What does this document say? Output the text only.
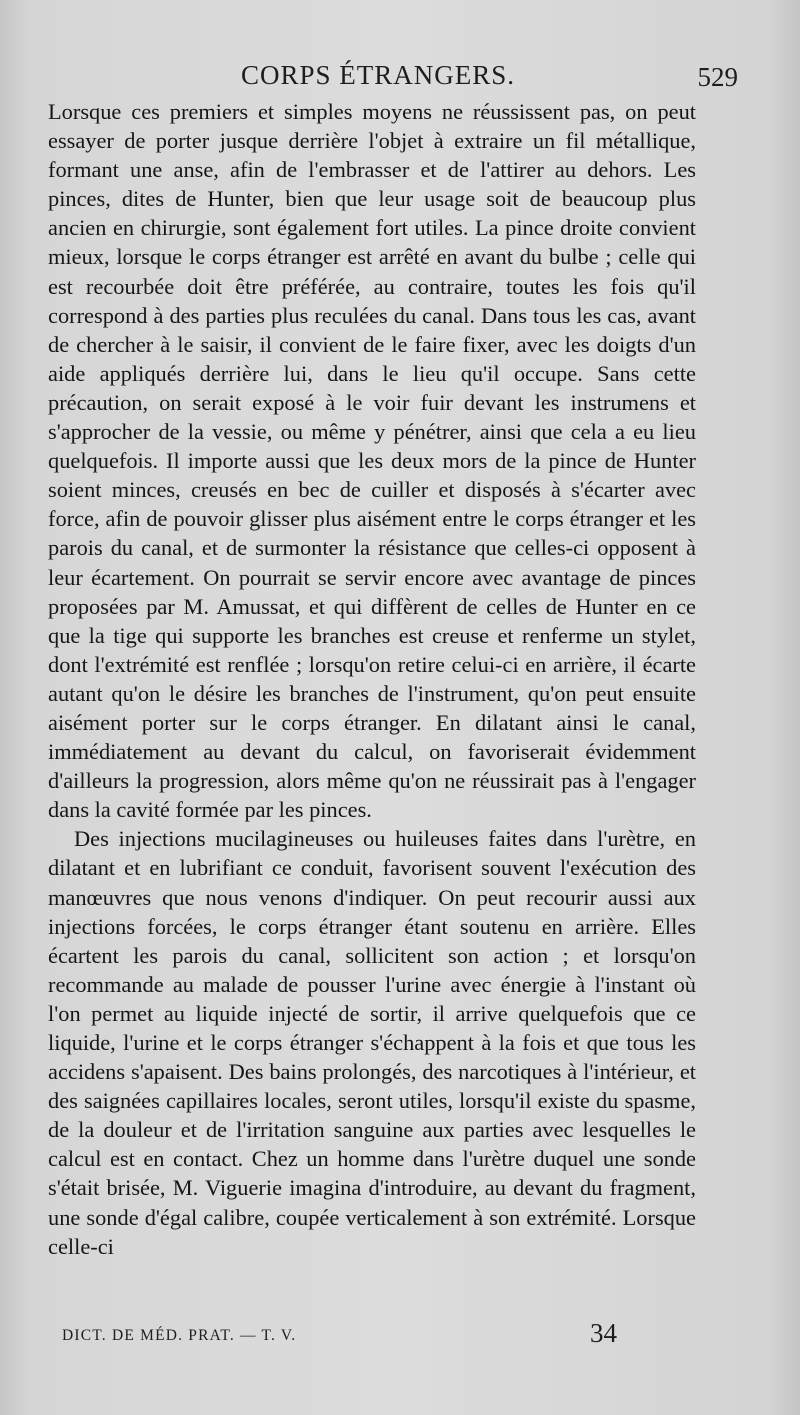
CORPS ÉTRANGERS.	529

Lorsque ces premiers et simples moyens ne réussissent pas, on peut essayer de porter jusque derrière l'objet à extraire un fil métallique, formant une anse, afin de l'embrasser et de l'attirer au dehors. Les pinces, dites de Hunter, bien que leur usage soit de beaucoup plus ancien en chirurgie, sont également fort utiles. La pince droite convient mieux, lorsque le corps étranger est arrêté en avant du bulbe ; celle qui est recourbée doit être préférée, au contraire, toutes les fois qu'il correspond à des parties plus reculées du canal. Dans tous les cas, avant de chercher à le saisir, il convient de le faire fixer, avec les doigts d'un aide appliqués derrière lui, dans le lieu qu'il occupe. Sans cette précaution, on serait exposé à le voir fuir devant les instrumens et s'approcher de la vessie, ou même y pénétrer, ainsi que cela a eu lieu quelquefois. Il importe aussi que les deux mors de la pince de Hunter soient minces, creusés en bec de cuiller et disposés à s'écarter avec force, afin de pouvoir glisser plus aisément entre le corps étranger et les parois du canal, et de surmonter la résistance que celles-ci opposent à leur écartement. On pourrait se servir encore avec avantage de pinces proposées par M. Amussat, et qui diffèrent de celles de Hunter en ce que la tige qui supporte les branches est creuse et renferme un stylet, dont l'extrémité est renflée ; lorsqu'on retire celui-ci en arrière, il écarte autant qu'on le désire les branches de l'instrument, qu'on peut ensuite aisément porter sur le corps étranger. En dilatant ainsi le canal, immédiatement au devant du calcul, on favoriserait évidemment d'ailleurs la progression, alors même qu'on ne réussirait pas à l'engager dans la cavité formée par les pinces.

Des injections mucilagineuses ou huileuses faites dans l'urètre, en dilatant et en lubrifiant ce conduit, favorisent souvent l'exécution des manœuvres que nous venons d'indiquer. On peut recourir aussi aux injections forcées, le corps étranger étant soutenu en arrière. Elles écartent les parois du canal, sollicitent son action ; et lorsqu'on recommande au malade de pousser l'urine avec énergie à l'instant où l'on permet au liquide injecté de sortir, il arrive quelquefois que ce liquide, l'urine et le corps étranger s'échappent à la fois et que tous les accidens s'apaisent. Des bains prolongés, des narcotiques à l'intérieur, et des saignées capillaires locales, seront utiles, lorsqu'il existe du spasme, de la douleur et de l'irritation sanguine aux parties avec lesquelles le calcul est en contact. Chez un homme dans l'urètre duquel une sonde s'était brisée, M. Viguerie imagina d'introduire, au devant du fragment, une sonde d'égal calibre, coupée verticalement à son extrémité. Lorsque celle-ci

DICT. DE MÉD. PRAT. — T. V.	34
